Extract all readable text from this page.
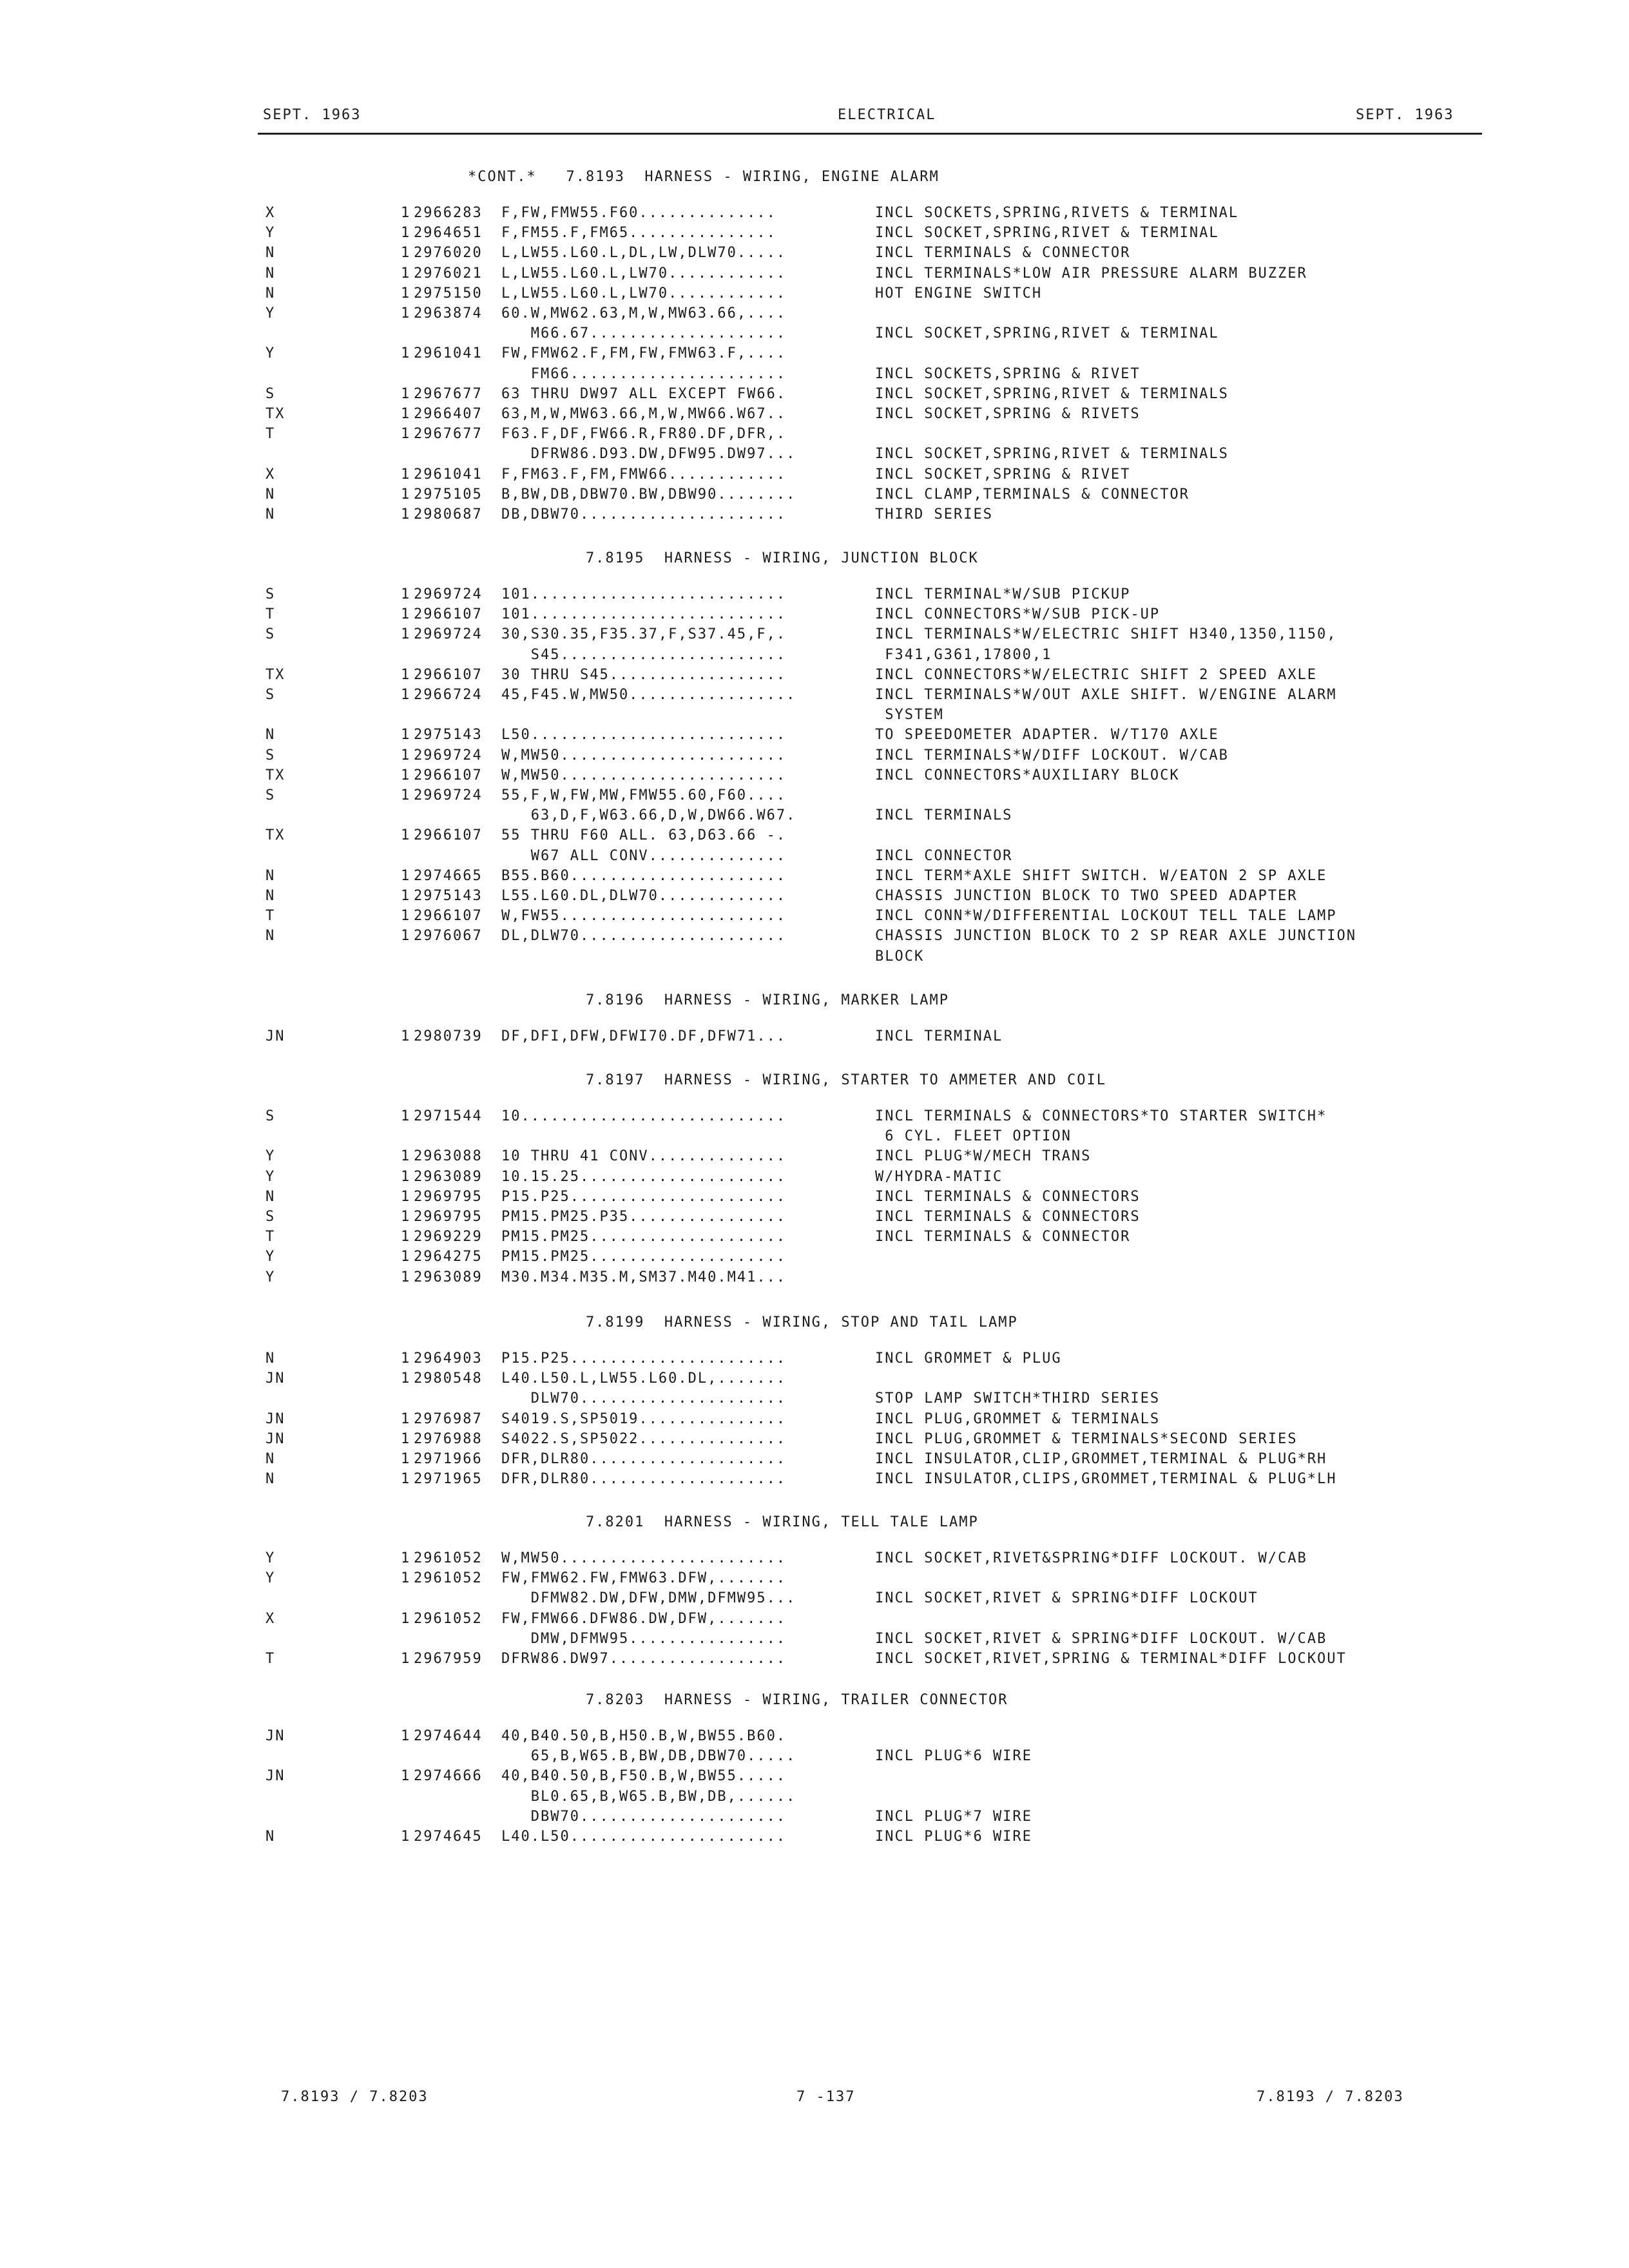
SEPT. 1963	ELECTRICAL	SEPT. 1963
*CONT.*   7.8193  HARNESS - WIRING, ENGINE ALARM
X	1 2966283 F,FW,FMW55.F60..............	INCL SOCKETS,SPRING,RIVETS & TERMINAL
Y	1 2964651 F,FM55.F,FM65...............	INCL SOCKET,SPRING,RIVET & TERMINAL
N	1 2976020 L,LW55.L60.L,DL,LW,DLW70.....	INCL TERMINALS & CONNECTOR
N	1 2976021 L,LW55.L60.L,LW70............	INCL TERMINALS*LOW AIR PRESSURE ALARM BUZZER
N	1 2975150 L,LW55.L60.L,LW70............	HOT ENGINE SWITCH
Y	1 2963874 60.W,MW62.63,M,W,MW63.66,....
M66.67....................	INCL SOCKET,SPRING,RIVET & TERMINAL
Y	1 2961041 FW,FMW62.F,FM,FW,FMW63.F,....
FM66......................	INCL SOCKETS,SPRING & RIVET
S	1 2967677 63 THRU DW97 ALL EXCEPT FW66.	INCL SOCKET,SPRING,RIVET & TERMINALS
TX	1 2966407 63,M,W,MW63.66,M,W,MW66.W67..	INCL SOCKET,SPRING & RIVETS
T	1 2967677 F63.F,DF,FW66.R,FR80.DF,DFR,.
DFRW86.D93.DW,DFW95.DW97...	INCL SOCKET,SPRING,RIVET & TERMINALS
X	1 2961041 F,FM63.F,FM,FMW66............	INCL SOCKET,SPRING & RIVET
N	1 2975105 B,BW,DB,DBW70.BW,DBW90........	INCL CLAMP,TERMINALS & CONNECTOR
N	1 2980687 DB,DBW70.....................	THIRD SERIES
7.8195  HARNESS - WIRING, JUNCTION BLOCK
S	1 2969724 101..........................	INCL TERMINAL*W/SUB PICKUP
T	1 2966107 101..........................	INCL CONNECTORS*W/SUB PICK-UP
S	1 2969724 30,S30.35,F35.37,F,S37.45,F,.	INCL TERMINALS*W/ELECTRIC SHIFT H340,1350,1150,
S45.......................	F341,G361,17800,1
TX	1 2966107 30 THRU S45..................	INCL CONNECTORS*W/ELECTRIC SHIFT 2 SPEED AXLE
S	1 2966724 45,F45.W,MW50.................	INCL TERMINALS*W/OUT AXLE SHIFT. W/ENGINE ALARM
SYSTEM
N	1 2975143 L50..........................	TO SPEEDOMETER ADAPTER. W/T170 AXLE
S	1 2969724 W,MW50.......................	INCL TERMINALS*W/DIFF LOCKOUT. W/CAB
TX	1 2966107 W,MW50.......................	INCL CONNECTORS*AUXILIARY BLOCK
S	1 2969724 55,F,W,FW,MW,FMW55.60,F60....
63,D,F,W63.66,D,W,DW66.W67.	INCL TERMINALS
TX	1 2966107 55 THRU F60 ALL. 63,D63.66 -.
W67 ALL CONV..............	INCL CONNECTOR
N	1 2974665 B55.B60......................	INCL TERM*AXLE SHIFT SWITCH. W/EATON 2 SP AXLE
N	1 2975143 L55.L60.DL,DLW70.............	CHASSIS JUNCTION BLOCK TO TWO SPEED ADAPTER
T	1 2966107 W,FW55.......................	INCL CONN*W/DIFFERENTIAL LOCKOUT TELL TALE LAMP
N	1 2976067 DL,DLW70.....................	CHASSIS JUNCTION BLOCK TO 2 SP REAR AXLE JUNCTION
BLOCK
7.8196  HARNESS - WIRING, MARKER LAMP
JN	1 2980739 DF,DFI,DFW,DFWI70.DF,DFW71...	INCL TERMINAL
7.8197  HARNESS - WIRING, STARTER TO AMMETER AND COIL
S	1 2971544 10...........................	INCL TERMINALS & CONNECTORS*TO STARTER SWITCH*
6 CYL. FLEET OPTION
Y	1 2963088 10 THRU 41 CONV..............	INCL PLUG*W/MECH TRANS
Y	1 2963089 10.15.25.....................	W/HYDRA-MATIC
N	1 2969795 P15.P25......................	INCL TERMINALS & CONNECTORS
S	1 2969795 PM15.PM25.P35................	INCL TERMINALS & CONNECTORS
T	1 2969229 PM15.PM25....................	INCL TERMINALS & CONNECTOR
Y	1 2964275 PM15.PM25....................
Y	1 2963089 M30.M34.M35.M,SM37.M40.M41...
7.8199  HARNESS - WIRING, STOP AND TAIL LAMP
N	1 2964903 P15.P25......................	INCL GROMMET & PLUG
JN	1 2980548 L40.L50.L,LW55.L60.DL,.......
DLW70.....................	STOP LAMP SWITCH*THIRD SERIES
JN	1 2976987 S4019.S,SP5019...............	INCL PLUG,GROMMET & TERMINALS
JN	1 2976988 S4022.S,SP5022...............	INCL PLUG,GROMMET & TERMINALS*SECOND SERIES
N	1 2971966 DFR,DLR80....................	INCL INSULATOR,CLIP,GROMMET,TERMINAL & PLUG*RH
N	1 2971965 DFR,DLR80....................	INCL INSULATOR,CLIPS,GROMMET,TERMINAL & PLUG*LH
7.8201  HARNESS - WIRING, TELL TALE LAMP
Y	1 2961052 W,MW50.......................	INCL SOCKET,RIVET&SPRING*DIFF LOCKOUT. W/CAB
Y	1 2961052 FW,FMW62.FW,FMW63.DFW,.......
DFMW82.DW,DFW,DMW,DFMW95...	INCL SOCKET,RIVET & SPRING*DIFF LOCKOUT
X	1 2961052 FW,FMW66.DFW86.DW,DFW,.......
DMW,DFMW95................	INCL SOCKET,RIVET & SPRING*DIFF LOCKOUT. W/CAB
T	1 2967959 DFRW86.DW97..................	INCL SOCKET,RIVET,SPRING & TERMINAL*DIFF LOCKOUT
7.8203  HARNESS - WIRING, TRAILER CONNECTOR
JN	1 2974644 40,B40.50,B,H50.B,W,BW55.B60.
65,B,W65.B,BW,DB,DBW70.....	INCL PLUG*6 WIRE
JN	1 2974666 40,B40.50,B,F50.B,W,BW55.....
BL0.65,B,W65.B,BW,DB,......
DBW70.....................	INCL PLUG*7 WIRE
N	1 2974645 L40.L50......................	INCL PLUG*6 WIRE
7.8193 / 7.8203	7 -137	7.8193 / 7.8203
